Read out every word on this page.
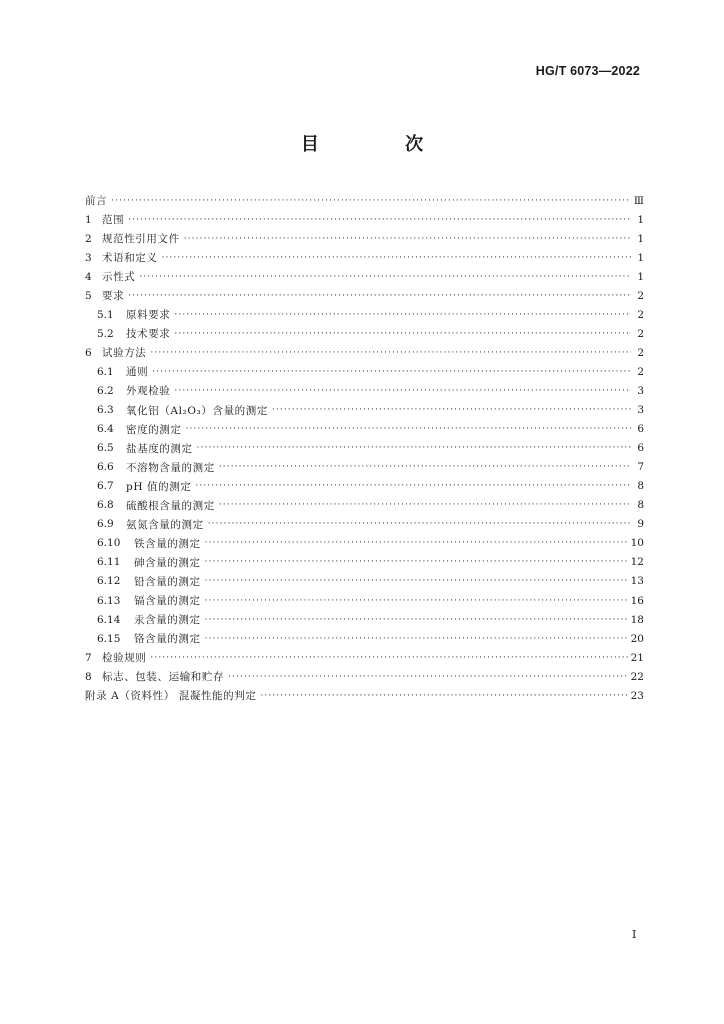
HG/T 6073—2022
目 次
前言 ·····	Ⅲ
1 范围 ·····	1
2 规范性引用文件 ·····	1
3 术语和定义 ·····	1
4 示性式 ·····	1
5 要求 ·····	2
5.1	原料要求 ·····	2
5.2	技术要求 ·····	2
6 试验方法 ·····	2
6.1	通则 ·····	2
6.2	外观检验 ·····	3
6.3	氧化铝（Al₂O₃）含量的测定 ·····	3
6.4	密度的测定 ·····	6
6.5	盐基度的测定 ·····	6
6.6	不溶物含量的测定 ·····	7
6.7	pH 值的测定 ·····	8
6.8	硫酸根含量的测定 ·····	8
6.9	氨氮含量的测定 ·····	9
6.10	铁含量的测定 ·····	10
6.11	砷含量的测定 ·····	12
6.12	铅含量的测定 ·····	13
6.13	镉含量的测定 ·····	16
6.14	汞含量的测定 ·····	18
6.15	铬含量的测定 ·····	20
7 检验规则 ·····	21
8 标志、包装、运输和贮存 ·····	22
附录 A（资料性） 混凝性能的判定 ·····	23
Ⅰ
